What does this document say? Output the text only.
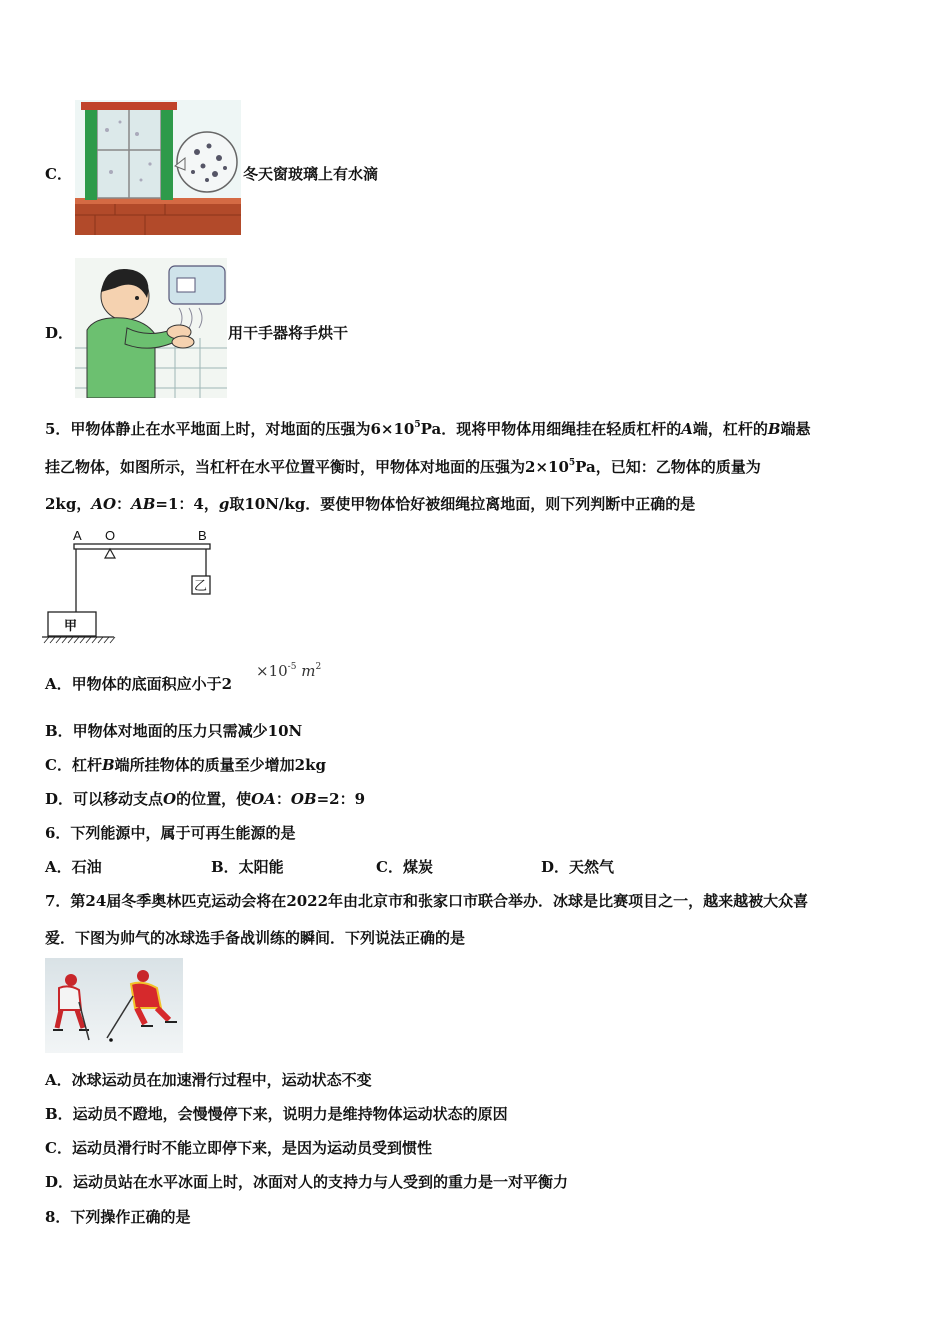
C．	冬天窗玻璃上有水滴
D．	用干手器将手烘干
5．甲物体静止在水平地面上时，对地面的压强为$6\times 10^5Pa$．现将甲物体用细绳挂在轻质杠杆的A端，杠杆的B端悬
挂乙物体，如图所示，当杠杆在水平位置平衡时，甲物体对地面的压强为$2\times 10^5Pa$，已知：乙物体的质量为
2kg，AO：AB=1：4，g取10N/kg．要使甲物体恰好被细绳拉离地面，则下列判断中正确的是
A O	B
乙
甲
A．甲物体的底面积应小于2
$\times 10^{-5}$ $m^2$
B．甲物体对地面的压力只需减少10N
C．杠杆B端所挂物体的质量至少增加2kg
D．可以移动支点O的位置，使OA：OB=2：9
6．下列能源中，属于可再生能源的是
A．石油	B．太阳能	C．煤炭	D．天然气
7．第24届冬季奥林匹克运动会将在2022年由北京市和张家口市联合举办．冰球是比赛项目之一，越来越被大众喜
爱．下图为帅气的冰球选手备战训练的瞬间．下列说法正确的是
A．冰球运动员在加速滑行过程中，运动状态不变
B．运动员不蹬地，会慢慢停下来，说明力是维持物体运动状态的原因
C．运动员滑行时不能立即停下来，是因为运动员受到惯性
D．运动员站在水平冰面上时，冰面对人的支持力与人受到的重力是一对平衡力
8．下列操作正确的是
